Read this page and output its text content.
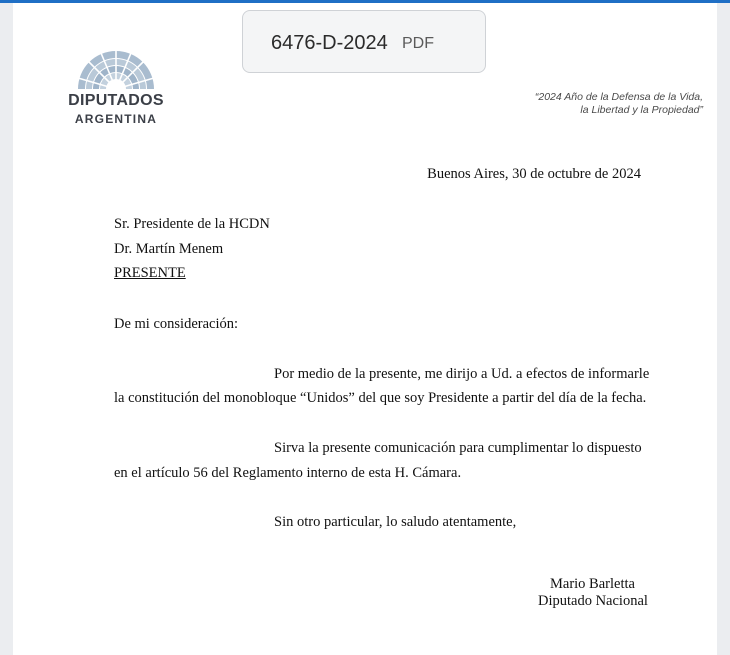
6476-D-2024 PDF
DIPUTADOS
ARGENTINA
“2024 Año de la Defensa de la Vida,
la Libertad y la Propiedad”
Buenos Aires, 30 de octubre de 2024
Sr. Presidente de la HCDN
Dr. Martín Menem
PRESENTE
De mi consideración:
Por medio de la presente, me dirijo a Ud. a efectos de informarle
la constitución del monobloque “Unidos” del que soy Presidente a partir del día de la fecha.
Sirva la presente comunicación para cumplimentar lo dispuesto
en el artículo 56 del Reglamento interno de esta H. Cámara.
Sin otro particular, lo saludo atentamente,
Mario Barletta
Diputado Nacional
